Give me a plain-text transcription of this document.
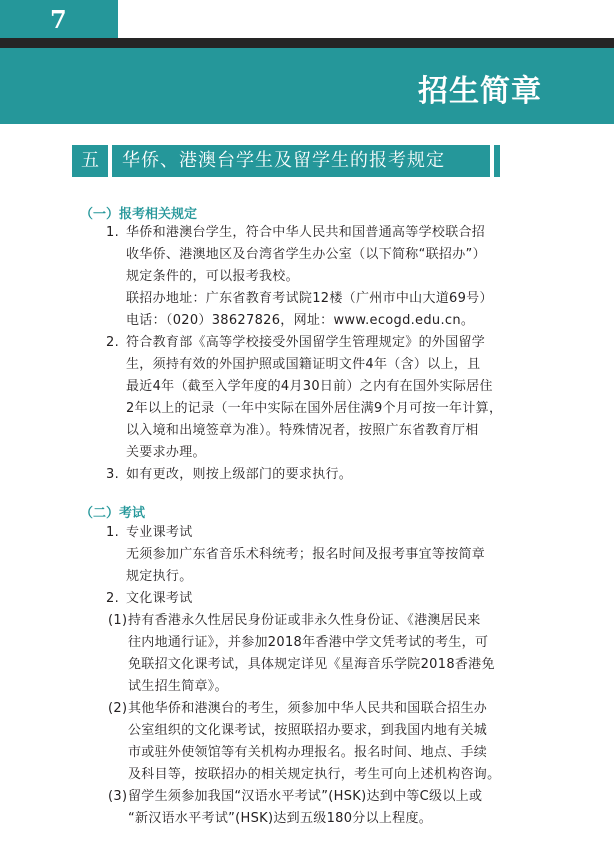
7
招生简章
五	华侨、港澳台学生及留学生的报考规定
（一）报考相关规定
1. 华侨和港澳台学生，符合中华人民共和国普通高等学校联合招
收华侨、港澳地区及台湾省学生办公室（以下简称“联招办”）
规定条件的，可以报考我校。
联招办地址：广东省教育考试院12楼（广州市中山大道69号）
电话：（020）38627826，网址：www.ecogd.edu.cn。
2. 符合教育部《高等学校接受外国留学生管理规定》的外国留学
生，须持有效的外国护照或国籍证明文件4年（含）以上，且
最近4年（截至入学年度的4月30日前）之内有在国外实际居住
2年以上的记录（一年中实际在国外居住满9个月可按一年计算，
以入境和出境签章为准）。特殊情况者，按照广东省教育厅相
关要求办理。
3. 如有更改，则按上级部门的要求执行。
（二）考试
1. 专业课考试
无须参加广东省音乐术科统考；报名时间及报考事宜等按简章
规定执行。
2. 文化课考试
(1) 持有香港永久性居民身份证或非永久性身份证、《港澳居民来
往内地通行证》，并参加2018年香港中学文凭考试的考生，可
免联招文化课考试，具体规定详见《星海音乐学院2018香港免
试生招生简章》。
(2) 其他华侨和港澳台的考生，须参加中华人民共和国联合招生办
公室组织的文化课考试，按照联招办要求，到我国内地有关城
市或驻外使领馆等有关机构办理报名。报名时间、地点、手续
及科目等，按联招办的相关规定执行，考生可向上述机构咨询。
(3) 留学生须参加我国“汉语水平考试”(HSK)达到中等C级以上或
“新汉语水平考试”(HSK)达到五级180分以上程度。
